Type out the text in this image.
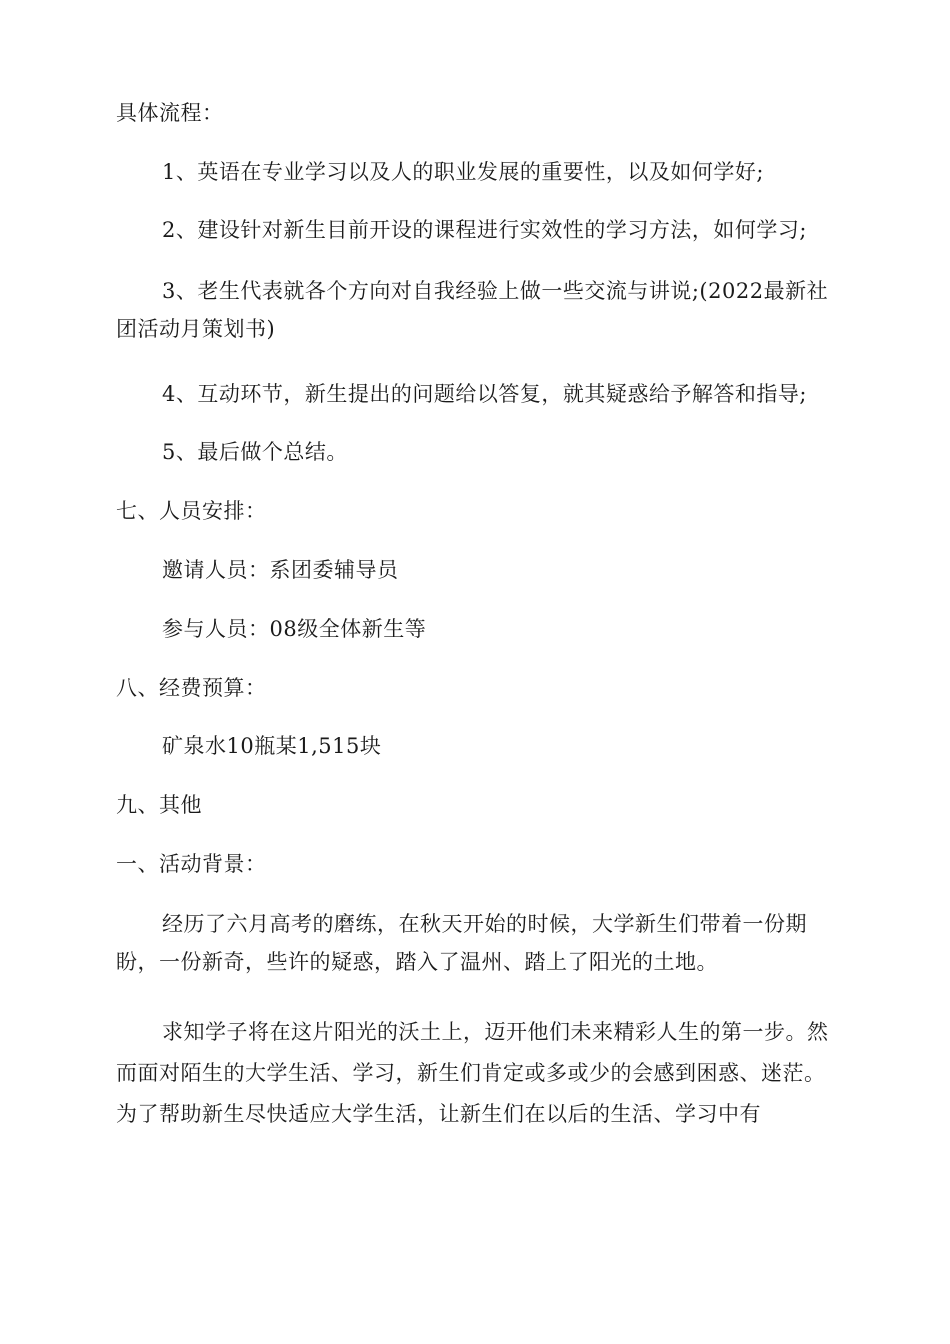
具体流程：
1、英语在专业学习以及人的职业发展的重要性，以及如何学好;
2、建设针对新生目前开设的课程进行实效性的学习方法，如何学习;
3、老生代表就各个方向对自我经验上做一些交流与讲说;(2022最新社团活动月策划书)
4、互动环节，新生提出的问题给以答复，就其疑惑给予解答和指导;
5、最后做个总结。
七、人员安排：
邀请人员：系团委辅导员
参与人员：08级全体新生等
八、经费预算：
矿泉水10瓶某1,515块
九、其他
一、活动背景：
经历了六月高考的磨练，在秋天开始的时候，大学新生们带着一份期盼，一份新奇，些许的疑惑，踏入了温州、踏上了阳光的土地。
求知学子将在这片阳光的沃土上，迈开他们未来精彩人生的第一步。然而面对陌生的大学生活、学习，新生们肯定或多或少的会感到困惑、迷茫。为了帮助新生尽快适应大学生活，让新生们在以后的生活、学习中有
